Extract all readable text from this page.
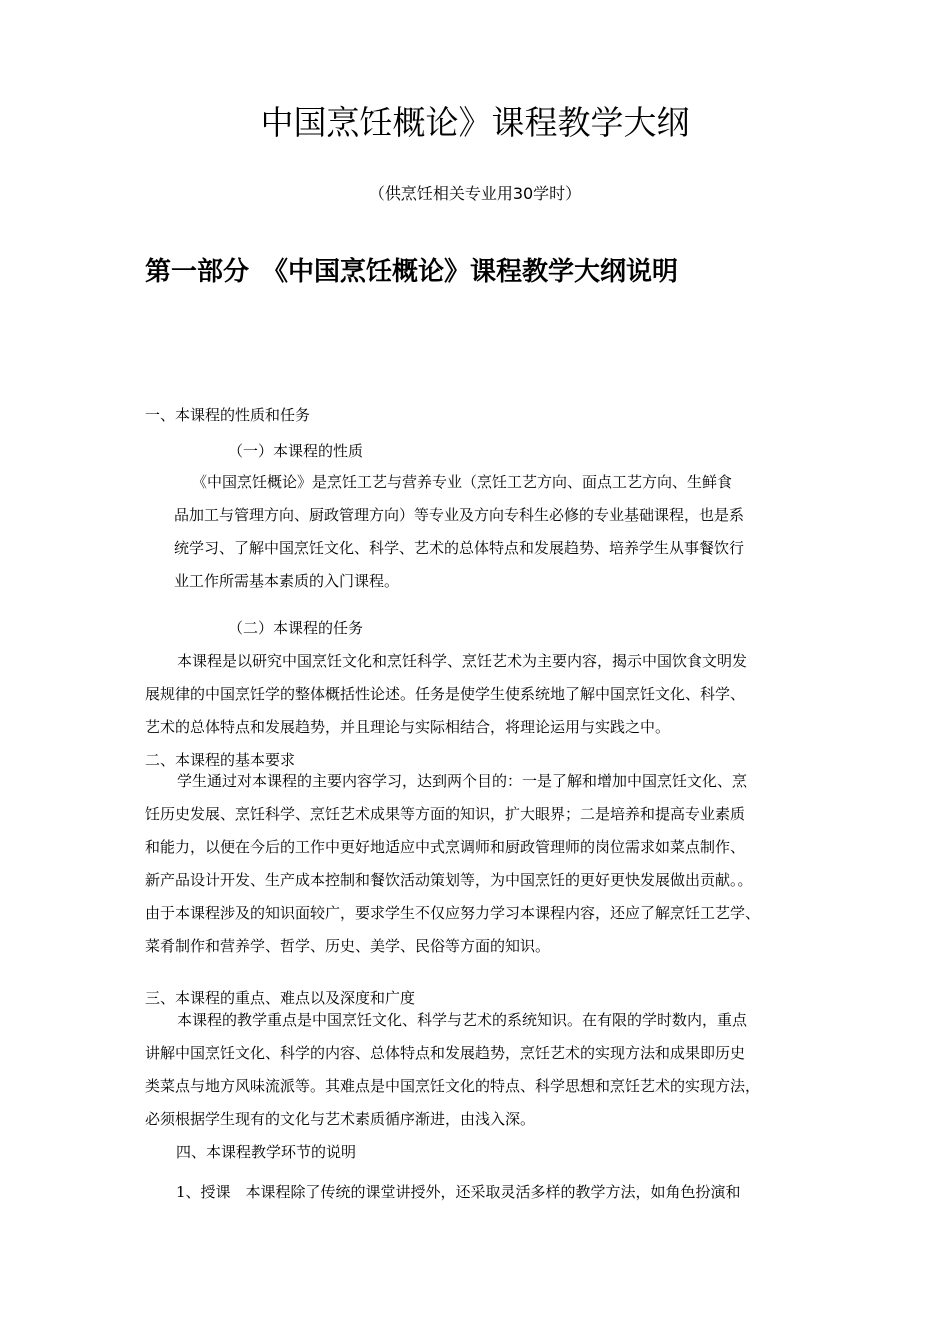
中国烹饪概论》课程教学大纲
（供烹饪相关专业用30学时）
第一部分　《中国烹饪概论》课程教学大纲说明
一、本课程的性质和任务
（一）本课程的性质
《中国烹饪概论》是烹饪工艺与营养专业（烹饪工艺方向、面点工艺方向、生鲜食
品加工与管理方向、厨政管理方向）等专业及方向专科生必修的专业基础课程，也是系
统学习、了解中国烹饪文化、科学、艺术的总体特点和发展趋势、培养学生从事餐饮行
业工作所需基本素质的入门课程。
（二）本课程的任务
本课程是以研究中国烹饪文化和烹饪科学、烹饪艺术为主要内容，揭示中国饮食文明发
展规律的中国烹饪学的整体概括性论述。任务是使学生使系统地了解中国烹饪文化、科学、
艺术的总体特点和发展趋势，并且理论与实际相结合，将理论运用与实践之中。
二、本课程的基本要求
学生通过对本课程的主要内容学习，达到两个目的：一是了解和增加中国烹饪文化、烹
饪历史发展、烹饪科学、烹饪艺术成果等方面的知识，扩大眼界；二是培养和提高专业素质
和能力，以便在今后的工作中更好地适应中式烹调师和厨政管理师的岗位需求如菜点制作、
新产品设计开发、生产成本控制和餐饮活动策划等，为中国烹饪的更好更快发展做出贡献。。
由于本课程涉及的知识面较广，要求学生不仅应努力学习本课程内容，还应了解烹饪工艺学、
菜肴制作和营养学、哲学、历史、美学、民俗等方面的知识。
三、本课程的重点、难点以及深度和广度
本课程的教学重点是中国烹饪文化、科学与艺术的系统知识。在有限的学时数内，重点
讲解中国烹饪文化、科学的内容、总体特点和发展趋势，烹饪艺术的实现方法和成果即历史
类菜点与地方风味流派等。其难点是中国烹饪文化的特点、科学思想和烹饪艺术的实现方法，
必须根据学生现有的文化与艺术素质循序渐进，由浅入深。
四、本课程教学环节的说明
1、授课　本课程除了传统的课堂讲授外，还采取灵活多样的教学方法，如角色扮演和
